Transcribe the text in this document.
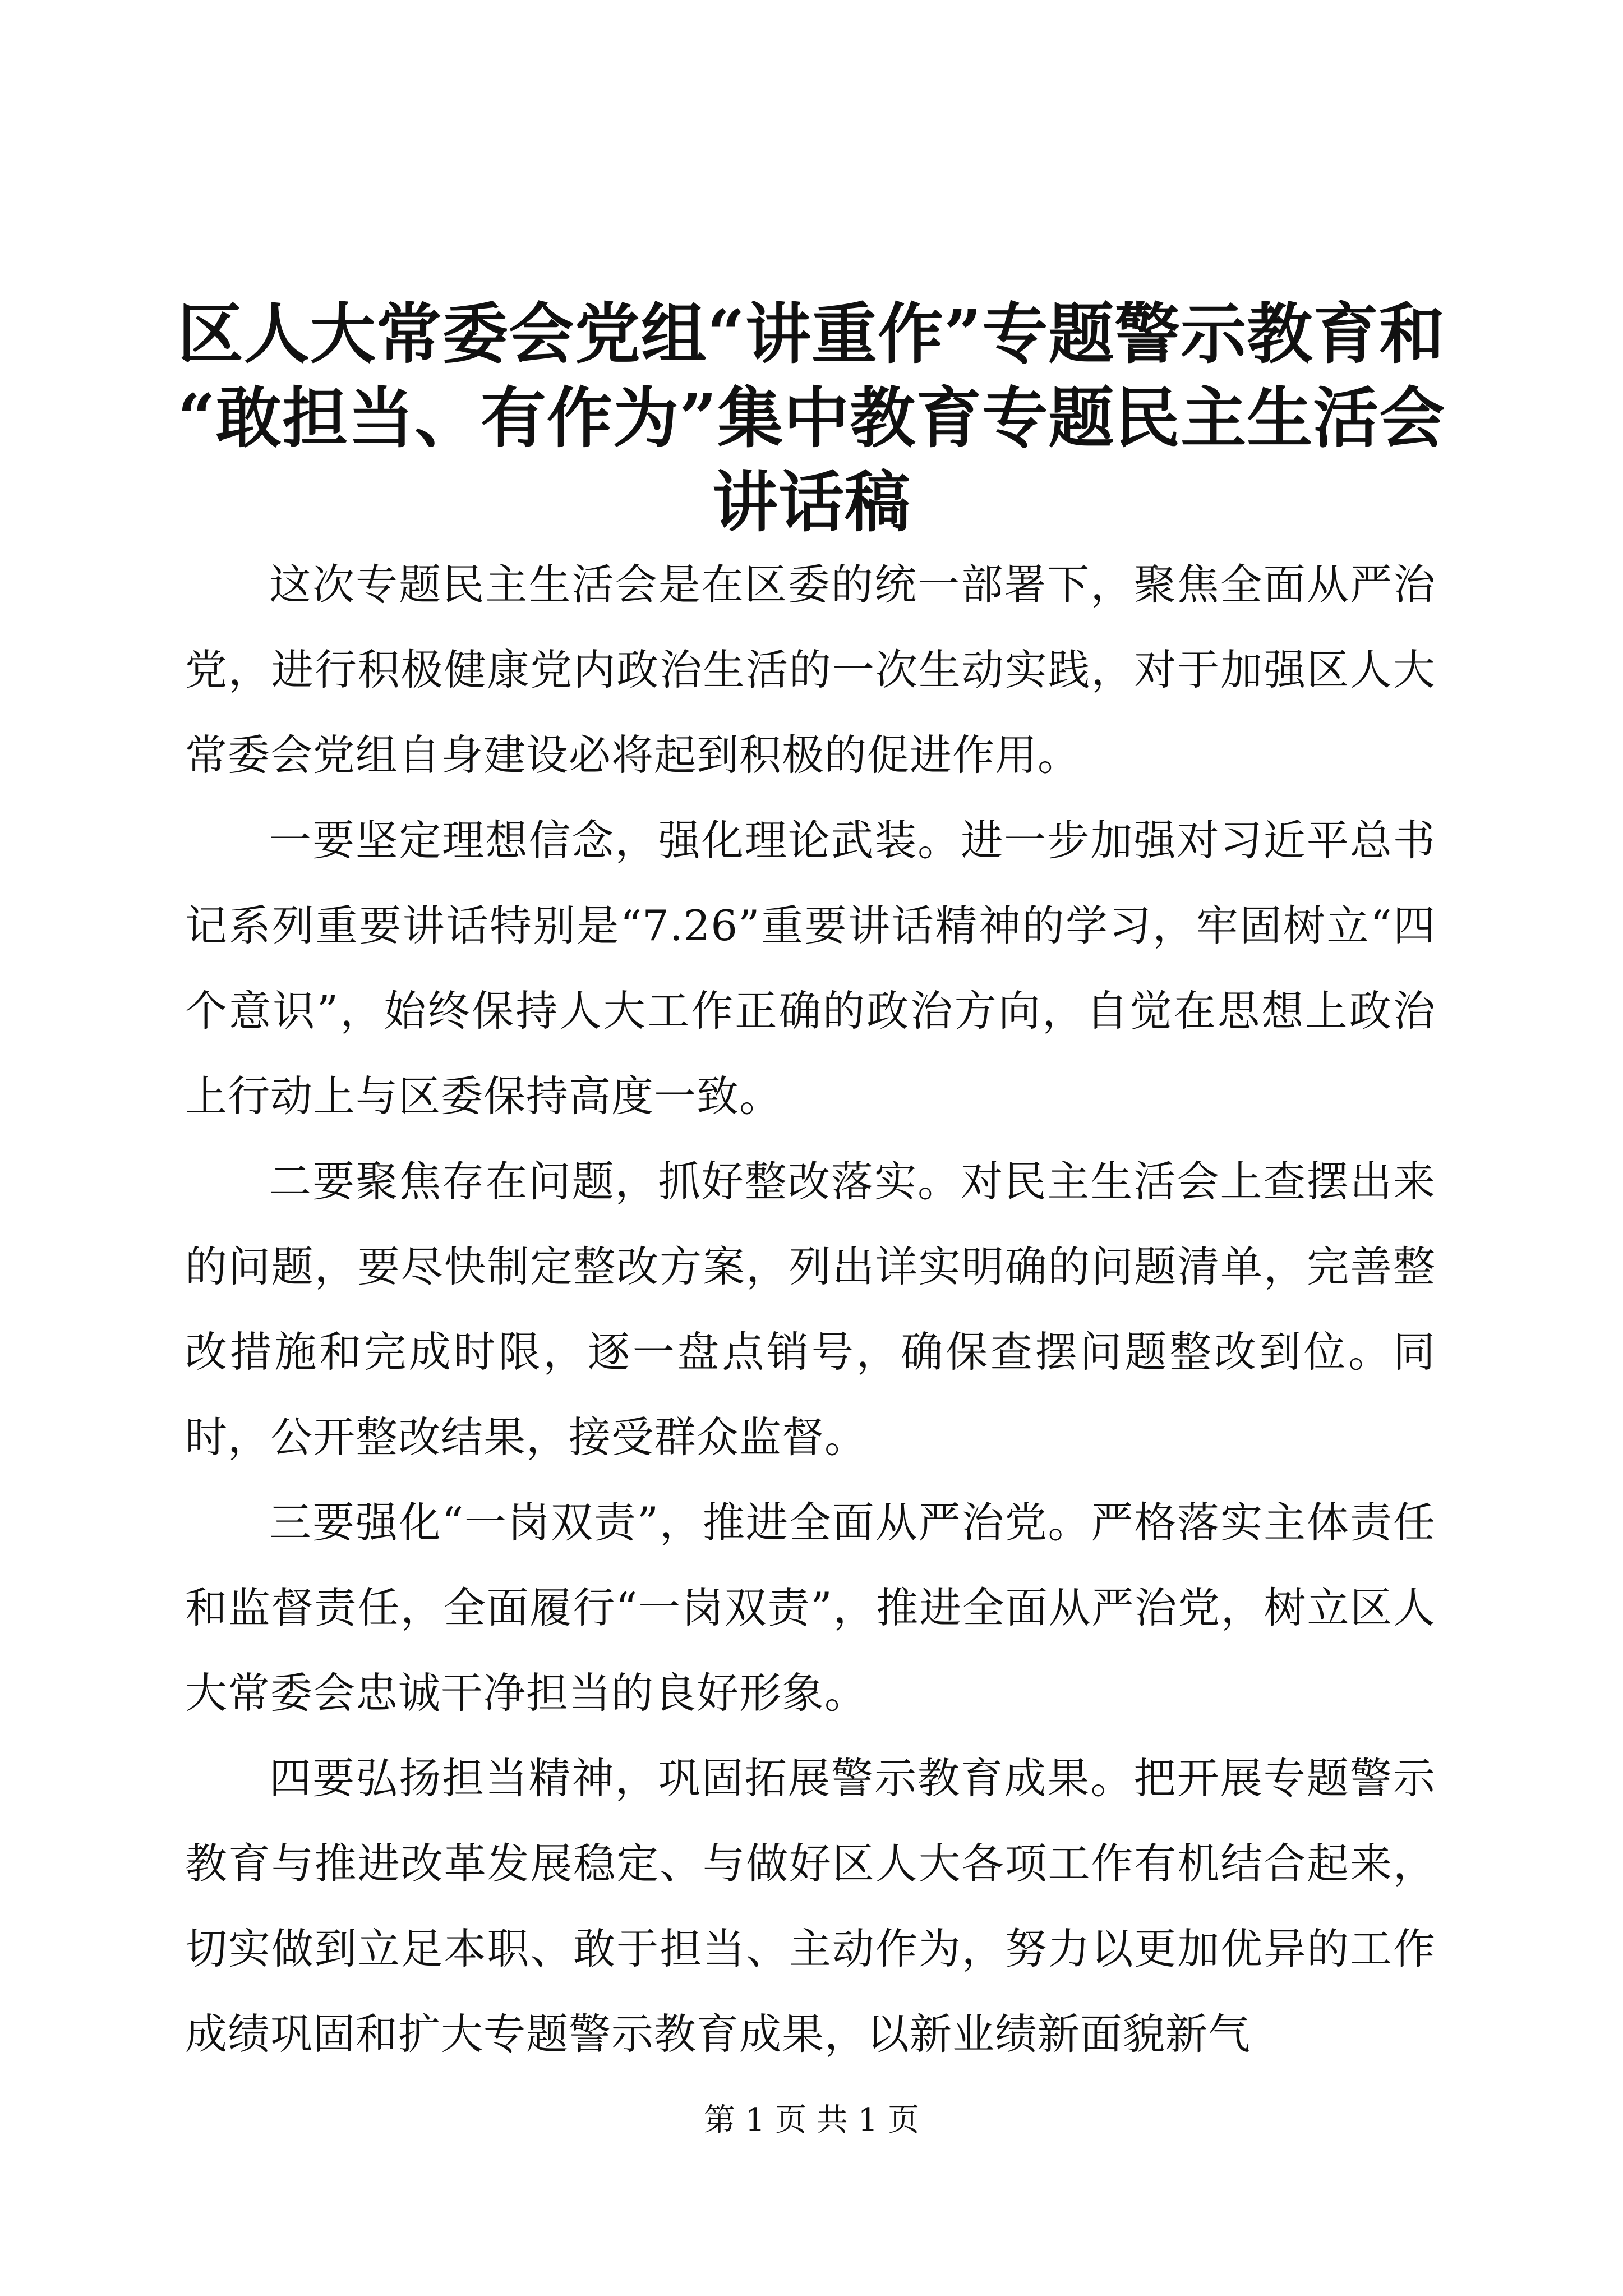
区人大常委会党组“讲重作”专题警示教育和
“敢担当、有作为”集中教育专题民主生活会
讲话稿

这次专题民主生活会是在区委的统一部署下，聚焦全面从严治党，进行积极健康党内政治生活的一次生动实践，对于加强区人大常委会党组自身建设必将起到积极的促进作用。

一要坚定理想信念，强化理论武装。进一步加强对习近平总书记系列重要讲话特别是“7.26”重要讲话精神的学习，牢固树立“四个意识”，始终保持人大工作正确的政治方向，自觉在思想上政治上行动上与区委保持高度一致。

二要聚焦存在问题，抓好整改落实。对民主生活会上查摆出来的问题，要尽快制定整改方案，列出详实明确的问题清单，完善整改措施和完成时限，逐一盘点销号，确保查摆问题整改到位。同时，公开整改结果，接受群众监督。

三要强化“一岗双责”，推进全面从严治党。严格落实主体责任和监督责任，全面履行“一岗双责”，推进全面从严治党，树立区人大常委会忠诚干净担当的良好形象。

四要弘扬担当精神，巩固拓展警示教育成果。把开展专题警示教育与推进改革发展稳定、与做好区人大各项工作有机结合起来，切实做到立足本职、敢于担当、主动作为，努力以更加优异的工作成绩巩固和扩大专题警示教育成果，以新业绩新面貌新气

第 1 页 共 1 页
